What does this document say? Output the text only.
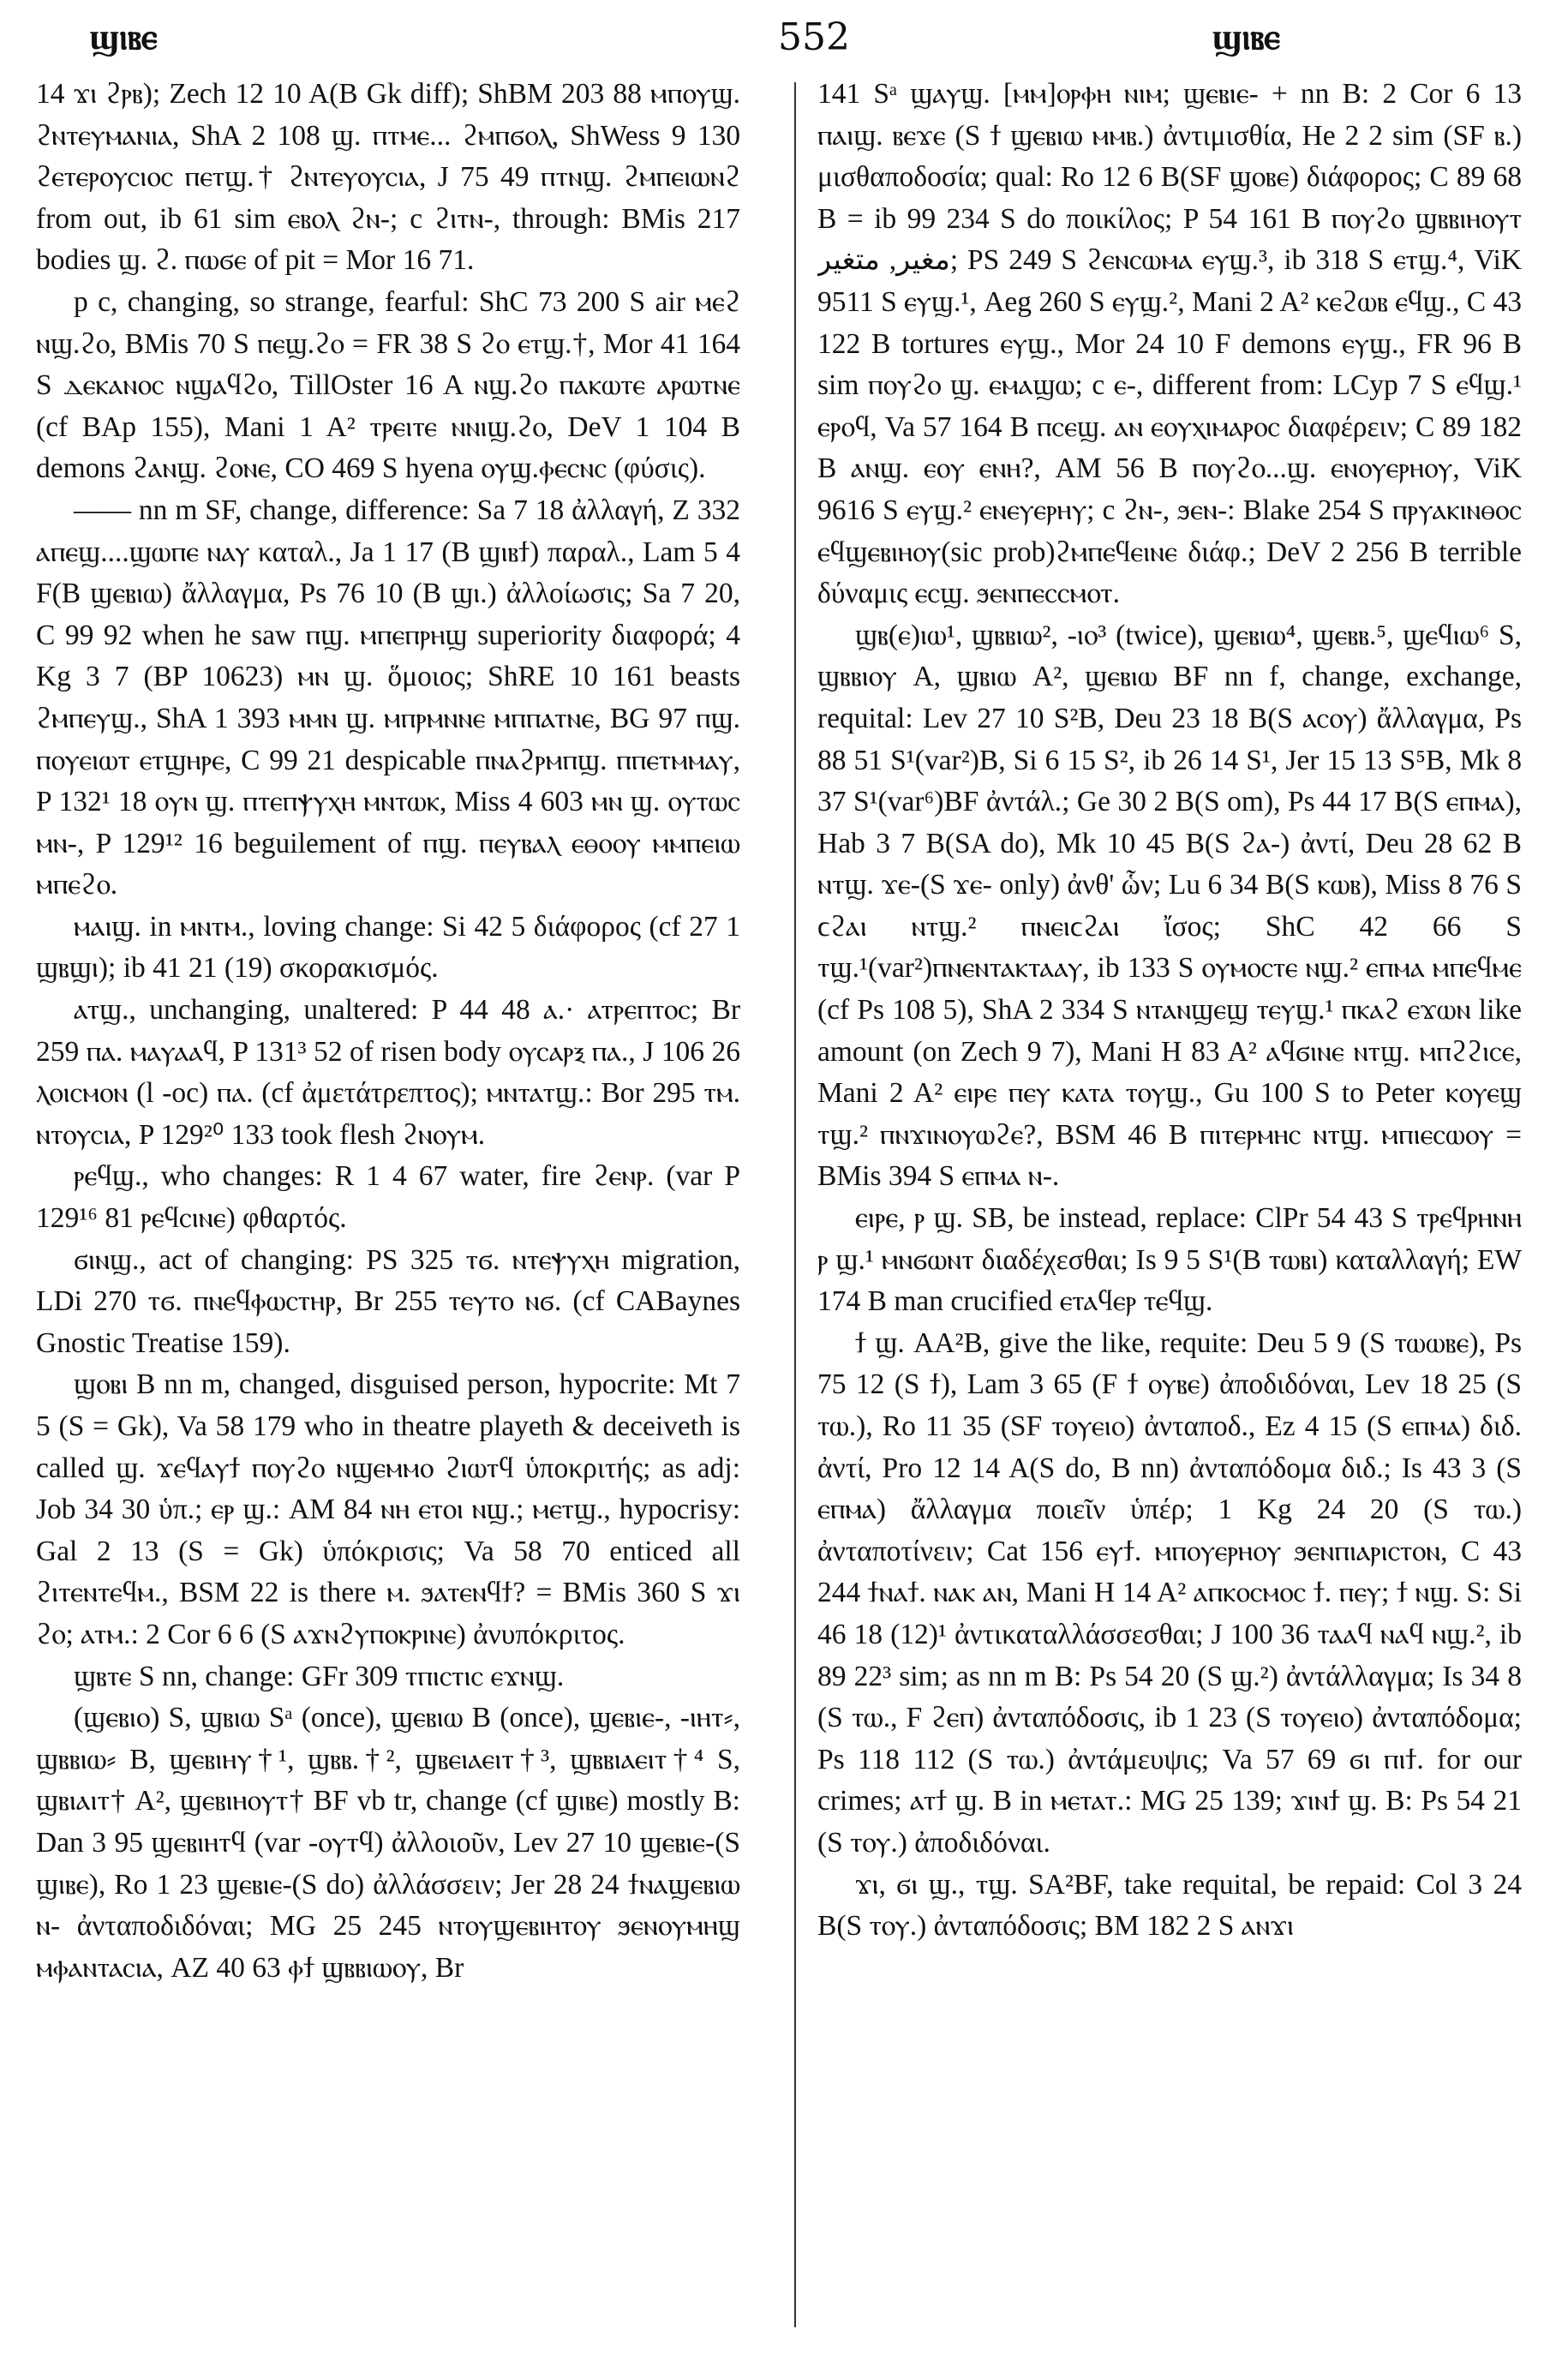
ϣⲓⲃⲉ	552	ϣⲓⲃⲉ

14 ϫⲓ ϩⲣⲃ); Zech 12 10 A(B Gk diff); ShBM 203 88 ⲙⲡⲟⲩϣ. ϩⲛⲧⲉⲩⲙⲁⲛⲓⲁ, ShA 2 108 ϣ. ⲡⲧⲙⲉ... ϩⲙⲡϭⲟⲗ, ShWess 9 130 ϩⲉⲧⲉⲣⲟⲩⲥⲓⲟⲥ ⲡⲉⲧϣ.† ϩⲛⲧⲉⲩⲟⲩⲥⲓⲁ, J 75 49 ⲡⲧⲛϣ. ϩⲙⲡⲉⲓⲱⲛϩ from out, ib 61 sim ⲉⲃⲟⲗ ϩⲛ-; c ϩⲓⲧⲛ-, through: BMis 217 bodies ϣ. ϩ. ⲡⲱϭⲉ of pit = Mor 16 71.

p c, changing, so strange, fearful: ShC 73 200 S air ⲙⲉϩ ⲛϣ.ϩⲟ, BMis 70 S ⲡⲉϣ.ϩⲟ = FR 38 S ϩⲟ ⲉⲧϣ.†, Mor 41 164 S ⲇⲉⲕⲁⲛⲟⲥ ⲛϣⲁϥϩⲟ, TillOster 16 A ⲛϣ.ϩⲟ ⲡⲁⲕⲱⲧⲉ ⲁⲣⲱⲧⲛⲉ (cf BAp 155), Mani 1 A² ⲧⲣⲉⲓⲧⲉ ⲛⲛⲓϣ.ϩⲟ, DeV 1 104 B demons ϩⲁⲛϣ. ϩⲟⲛⲉ, CO 469 S hyena ⲟⲩϣ.ⲫⲉⲥⲛⲥ (φύσις).

—— nn m SF, change, difference: Sa 7 18 ἀλλαγή, Z 332 ⲁⲡⲉϣ....ϣⲱⲡⲉ ⲛⲁⲩ καταλ., Ja 1 17 (B ϣⲓⲃϯ) παραλ., Lam 5 4 F(B ϣⲉⲃⲓⲱ) ἄλλαγμα, Ps 76 10 (B ϣⲓ.) ἀλλοίωσις; Sa 7 20, C 99 92 when he saw ⲡϣ. ⲙⲡⲉⲡⲣⲏϣ superiority διαφορά; 4 Kg 3 7 (BP 10623) ⲙⲛ ϣ. ὅμοιος; ShRE 10 161 beasts ϩⲙⲡⲉⲩϣ., ShA 1 393 ⲙⲙⲛ ϣ. ⲙⲡⲣⲙⲛⲛⲉ ⲙⲡⲡⲁⲧⲛⲉ, BG 97 ⲡϣ. ⲡⲟⲩⲉⲓⲱⲧ ⲉⲧϣⲏⲣⲉ, C 99 21 despicable ⲡⲛⲁϩⲣⲙⲡϣ. ⲡⲡⲉⲧⲙⲙⲁⲩ, P 132¹ 18 ⲟⲩⲛ ϣ. ⲡⲧⲉⲡⲯⲩⲭⲏ ⲙⲛⲧⲱⲕ, Miss 4 603 ⲙⲛ ϣ. ⲟⲩⲧⲱⲥ ⲙⲛ-, P 129¹² 16 beguilement of ⲡϣ. ⲡⲉⲩⲃⲁⲗ ⲉⲑⲟⲟⲩ ⲙⲙⲡⲉⲓⲱ ⲙⲡⲉϩⲟ.

ⲙⲁⲓϣ. in ⲙⲛⲧⲙ., loving change: Si 42 5 διάφορος (cf 27 1 ϣⲃϣⲓ); ib 41 21 (19) σκορακισμός.

ⲁⲧϣ., unchanging, unaltered: P 44 48 ⲁ.· ⲁⲧⲣⲉⲡⲧⲟⲥ; Br 259 ⲡⲁ. ⲙⲁⲩⲁⲁϥ, P 131³ 52 of risen body ⲟⲩⲥⲁⲣⲝ ⲡⲁ., J 106 26 ⲗⲟⲓⲥⲙⲟⲛ (l -oc) ⲡⲁ. (cf ἀμετάτρεπτος); ⲙⲛⲧⲁⲧϣ.: Bor 295 ⲧⲙ. ⲛⲧⲟⲩⲥⲓⲁ, P 129²⁰ 133 took flesh ϩⲛⲟⲩⲙ.

ⲣⲉϥϣ., who changes: R 1 4 67 water, fire ϩⲉⲛⲣ. (var P 129¹⁶ 81 ⲣⲉϥⲥⲓⲛⲉ) φθαρτός.

ϭⲓⲛϣ., act of changing: PS 325 ⲧϭ. ⲛⲧⲉⲯⲩⲭⲏ migration, LDi 270 ⲧϭ. ⲡⲛⲉϥⲫⲱⲥⲧⲏⲣ, Br 255 ⲧⲉⲩⲧⲟ ⲛϭ. (cf CABaynes Gnostic Treatise 159).

ϣⲟⲃⲓ B nn m, changed, disguised person, hypocrite: Mt 7 5 (S = Gk), Va 58 179 who in theatre playeth & deceiveth is called ϣ. ϫⲉϥⲁⲩϯ ⲡⲟⲩϩⲟ ⲛϣⲉⲙⲙⲟ ϩⲓⲱⲧϥ ὑποκριτής; as adj: Job 34 30 ὑπ.; ⲉⲣ ϣ.: AM 84 ⲛⲏ ⲉⲧⲟⲓ ⲛϣ.; ⲙⲉⲧϣ., hypocrisy: Gal 2 13 (S = Gk) ὑπόκρισις; Va 58 70 enticed all ϩⲓⲧⲉⲛⲧⲉϥⲙ., BSM 22 is there ⲙ. ϧⲁⲧⲉⲛϥϯ? = BMis 360 S ϫⲓ ϩⲟ; ⲁⲧⲙ.: 2 Cor 6 6 (S ⲁϫⲛϩⲩⲡⲟⲕⲣⲓⲛⲉ) ἀνυπόκριτος.

ϣⲃⲧⲉ S nn, change: GFr 309 ⲧⲡⲓⲥⲧⲓⲥ ⲉϫⲛϣ.

(ϣⲉⲃⲓⲟ) S, ϣⲃⲓⲱ Sᵃ (once), ϣⲉⲃⲓⲱ B (once), ϣⲉⲃⲓⲉ-, -ⲓⲏⲧ⸗, ϣⲃⲃⲓⲱ⸗ B, ϣⲉⲃⲓⲏⲩ†¹, ϣⲃⲃ.†², ϣⲃⲉⲓⲁⲉⲓⲧ†³, ϣⲃⲃⲓⲁⲉⲓⲧ†⁴ S, ϣⲃⲓⲁⲓⲧ† A², ϣⲉⲃⲓⲏⲟⲩⲧ† BF vb tr, change (cf ϣⲓⲃⲉ) mostly B: Dan 3 95 ϣⲉⲃⲓⲏⲧϥ (var -ⲟⲩⲧϥ) ἀλλοιοῦν, Lev 27 10 ϣⲉⲃⲓⲉ-(S ϣⲓⲃⲉ), Ro 1 23 ϣⲉⲃⲓⲉ-(S do) ἀλλάσσειν; Jer 28 24 ϯⲛⲁϣⲉⲃⲓⲱ ⲛ- ἀνταποδιδόναι; MG 25 245 ⲛⲧⲟⲩϣⲉⲃⲓⲏⲧⲟⲩ ϧⲉⲛⲟⲩⲙⲏϣ ⲙⲫⲁⲛⲧⲁⲥⲓⲁ, AZ 40 63 ⲫϯ ϣⲃⲃⲓⲱⲟⲩ, Br

141 Sᵃ ϣⲁⲩϣ. [ⲙⲙ]ⲟⲣⲫⲏ ⲛⲓⲙ; ϣⲉⲃⲓⲉ- + nn B: 2 Cor 6 13 ⲡⲁⲓϣ. ⲃⲉϫⲉ (S ϯ ϣⲉⲃⲓⲱ ⲙⲙⲃ.) ἀντιμισθία, He 2 2 sim (SF ⲃ.) μισθαποδοσία; qual: Ro 12 6 B(SF ϣⲟⲃⲉ) διάφορος; C 89 68 B = ib 99 234 S do ποικίλος; P 54 161 B ⲡⲟⲩϩⲟ ϣⲃⲃⲓⲏⲟⲩⲧ ﻣﻐﻴﺮ, ﻣﺘﻐﻴﺮ; PS 249 S ϩⲉⲛⲥⲱⲙⲁ ⲉⲩϣ.³, ib 318 S ⲉⲧϣ.⁴, ViK 9511 S ⲉⲩϣ.¹, Aeg 260 S ⲉⲩϣ.², Mani 2 A² ⲕⲉϩⲱⲃ ⲉϥϣ., C 43 122 B tortures ⲉⲩϣ., Mor 24 10 F demons ⲉⲩϣ., FR 96 B sim ⲡⲟⲩϩⲟ ϣ. ⲉⲙⲁϣⲱ; c ⲉ-, different from: LCyp 7 S ⲉϥϣ.¹ ⲉⲣⲟϥ, Va 57 164 B ⲡⲥⲉϣ. ⲁⲛ ⲉⲟⲩⲭⲓⲙⲁⲣⲟⲥ διαφέρειν; C 89 182 B ⲁⲛϣ. ⲉⲟⲩ ⲉⲛⲏ?, AM 56 B ⲡⲟⲩϩⲟ...ϣ. ⲉⲛⲟⲩⲉⲣⲏⲟⲩ, ViK 9616 S ⲉⲩϣ.² ⲉⲛⲉⲩⲉⲣⲏⲩ; c ϩⲛ-, ϧⲉⲛ-: Blake 254 S ⲡⲣⲩⲁⲕⲓⲛⲑⲟⲥ ⲉϥϣⲉⲃⲓⲏⲟⲩ(sic prob)ϩⲙⲡⲉϥⲉⲓⲛⲉ διάφ.; DeV 2 256 B terrible δύναμις ⲉⲥϣ. ϧⲉⲛⲡⲉⲥⲥⲙⲟⲧ.

ϣⲃ(ⲉ)ⲓⲱ¹, ϣⲃⲃⲓⲱ², -ⲓⲟ³ (twice), ϣⲉⲃⲓⲱ⁴, ϣⲉⲃⲃ.⁵, ϣⲉϥⲓⲱ⁶ S, ϣⲃⲃⲓⲟⲩ A, ϣⲃⲓⲱ A², ϣⲉⲃⲓⲱ BF nn f, change, exchange, requital: Lev 27 10 S²B, Deu 23 18 B(S ⲁⲥⲟⲩ) ἄλλαγμα, Ps 88 51 S¹(var²)B, Si 6 15 S², ib 26 14 S¹, Jer 15 13 S⁵B, Mk 8 37 S¹(var⁶)BF ἀντάλ.; Ge 30 2 B(S om), Ps 44 17 B(S ⲉⲡⲙⲁ), Hab 3 7 B(SA do), Mk 10 45 B(S ϩⲁ-) ἀντί, Deu 28 62 B ⲛⲧϣ. ϫⲉ-(S ϫⲉ- only) ἀνθ' ὧν; Lu 6 34 B(S ⲕⲱⲃ), Miss 8 76 S ϲϩⲁⲓ ⲛⲧϣ.² ⲡⲛⲉⲓϲϩⲁⲓ ἴσος; ShC 42 66 S ⲧϣ.¹(var²)ⲡⲛⲉⲛⲧⲁⲕⲧⲁⲁⲩ, ib 133 S ⲟⲩⲙⲟⲥⲧⲉ ⲛϣ.² ⲉⲡⲙⲁ ⲙⲡⲉϥⲙⲉ (cf Ps 108 5), ShA 2 334 S ⲛⲧⲁⲛϣⲉϣ ⲧⲉⲩϣ.¹ ⲡⲕⲁϩ ⲉϫⲱⲛ like amount (on Zech 9 7), Mani H 83 A² ⲁϥϭⲓⲛⲉ ⲛⲧϣ. ⲙⲡϩϩⲓⲥⲉ, Mani 2 A² ⲉⲓⲣⲉ ⲡⲉⲩ ⲕⲁⲧⲁ ⲧⲟⲩϣ., Gu 100 S to Peter ⲕⲟⲩⲉϣ ⲧϣ.² ⲡⲛϫⲓⲛⲟⲩⲱϩⲉ?, BSM 46 B ⲡⲓⲧⲉⲣⲙⲏⲥ ⲛⲧϣ. ⲙⲡⲓⲉⲥⲱⲟⲩ = BMis 394 S ⲉⲡⲙⲁ ⲛ-.

ⲉⲓⲣⲉ, ⲣ ϣ. SB, be instead, replace: ClPr 54 43 S ⲧⲣⲉϥⲣⲏⲛⲏ ⲣ ϣ.¹ ⲙⲛϭⲱⲛⲧ διαδέχεσθαι; Is 9 5 S¹(B ⲧⲱⲃⲓ) καταλλαγή; EW 174 B man crucified ⲉⲧⲁϥⲉⲣ ⲧⲉϥϣ.

ϯ ϣ. AA²B, give the like, requite: Deu 5 9 (S ⲧⲱⲱⲃⲉ), Ps 75 12 (S ϯ), Lam 3 65 (F ϯ ⲟⲩⲃⲉ) ἀποδιδόναι, Lev 18 25 (S ⲧⲱ.), Ro 11 35 (SF ⲧⲟⲩⲉⲓⲟ) ἀνταποδ., Ez 4 15 (S ⲉⲡⲙⲁ) διδ. ἀντί, Pro 12 14 A(S do, B nn) ἀνταπόδομα διδ.; Is 43 3 (S ⲉⲡⲙⲁ) ἄλλαγμα ποιεῖν ὑπέρ; 1 Kg 24 20 (S ⲧⲱ.) ἀνταποτίνειν; Cat 156 ⲉⲩϯ. ⲙⲡⲟⲩⲉⲣⲏⲟⲩ ϧⲉⲛⲡⲓⲁⲣⲓⲥⲧⲟⲛ, C 43 244 ϯⲛⲁϯ. ⲛⲁⲕ ⲁⲛ, Mani H 14 A² ⲁⲡⲕⲟⲥⲙⲟⲥ ϯ. ⲡⲉⲩ; ϯ ⲛϣ. S: Si 46 18 (12)¹ ἀντικαταλλάσσεσθαι; J 100 36 ⲧⲁⲁϥ ⲛⲁϥ ⲛϣ.², ib 89 22³ sim; as nn m B: Ps 54 20 (S ϣ.²) ἀντάλλαγμα; Is 34 8 (S ⲧⲱ., F ϩⲉⲡ) ἀνταπόδοσις, ib 1 23 (S ⲧⲟⲩⲉⲓⲟ) ἀνταπόδομα; Ps 118 112 (S ⲧⲱ.) ἀντάμευψις; Va 57 69 ϭⲓ ⲡⲓϯ. for our crimes; ⲁⲧϯ ϣ. B in ⲙⲉⲧⲁⲧ.: MG 25 139; ϫⲓⲛϯ ϣ. B: Ps 54 21 (S ⲧⲟⲩ.) ἀποδιδόναι.

ϫⲓ, ϭⲓ ϣ., ⲧϣ. SA²BF, take requital, be repaid: Col 3 24 B(S ⲧⲟⲩ.) ἀνταπόδοσις; BM 182 2 S ⲁⲛϫⲓ
